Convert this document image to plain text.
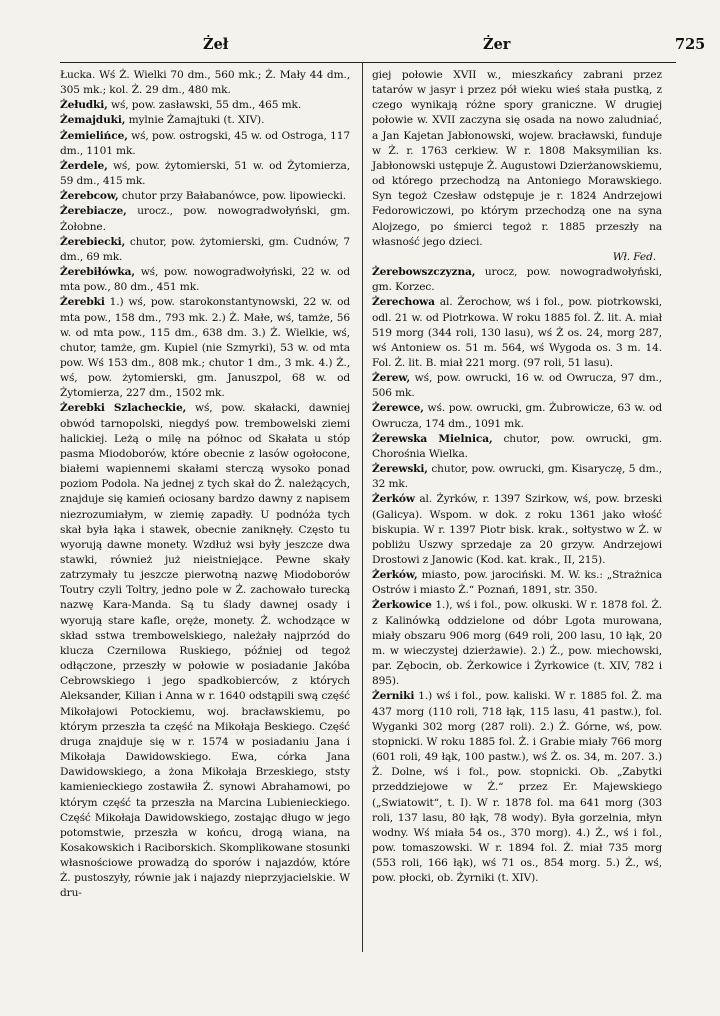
Żeł	Żer	725

Łucka. Wś Ż. Wielki 70 dm., 560 mk.; Ż. Mały 44 dm., 305 mk.; kol. Ż. 29 dm., 480 mk.

Żełudki, wś, pow. zasławski, 55 dm., 465 mk.

Żemajduki, mylnie Żamajtuki (t. XIV).

Żemielińce, wś, pow. ostrogski, 45 w. od Ostroga, 117 dm., 1101 mk.

Żerdele, wś, pow. żytomierski, 51 w. od Żytomierza, 59 dm., 415 mk.

Żerebcow, chutor przy Bałabanówce, pow. lipowiecki.

Żerebiacze, urocz., pow. nowogradwołyński, gm. Żołobne.

Żerebiecki, chutor, pow. żytomierski, gm. Cudnów, 7 dm., 69 mk.

Żerebiłówka, wś, pow. nowogradwołyński, 22 w. od mta pow., 80 dm., 451 mk.

Żerebki 1.) wś, pow. starokonstantynowski, 22 w. od mta pow., 158 dm., 793 mk. 2.) Ż. Małe, wś, tamże, 56 w. od mta pow., 115 dm., 638 dm. 3.) Ż. Wielkie, wś, chutor, tamże, gm. Kupiel (nie Szmyrki), 53 w. od mta pow. Wś 153 dm., 808 mk.; chutor 1 dm., 3 mk. 4.) Ż., wś, pow. żytomierski, gm. Januszpol, 68 w. od Żytomierza, 227 dm., 1502 mk.

Żerebki Szlacheckie, wś, pow. skałacki, dawniej obwód tarnopolski, niegdyś pow. trembowelski ziemi halickiej. Leżą o milę na północ od Skałata u stóp pasma Miodoborów, które obecnie z lasów ogołocone, białemi wapiennemi skałami sterczą wysoko ponad poziom Podola. Na jednej z tych skał do Ż. należących, znajduje się kamień ociosany bardzo dawny z napisem niezrozumiałym, w ziemię zapadły. U podnóża tych skał była łąka i stawek, obecnie zaniknęły. Często tu wyorują dawne monety. Wzdłuż wsi były jeszcze dwa stawki, również już nieistniejące. Pewne skały zatrzymały tu jeszcze pierwotną nazwę Miodoborów Toutry czyli Toltry, jedno pole w Ż. zachowało turecką nazwę Kara-Manda. Są tu ślady dawnej osady i wyorują stare kafle, oręże, monety. Ż. wchodzące w skład sstwa trembowelskiego, należały najprzód do klucza Czernilowa Ruskiego, później od tegoż odłączone, przeszły w połowie w posiadanie Jakóba Cebrowskiego i jego spadkobierców, z których Aleksander, Kilian i Anna w r. 1640 odstąpili swą część Mikołajowi Potockiemu, woj. bracławskiemu, po którym przeszła ta część na Mikołaja Beskiego. Część druga znajduje się w r. 1574 w posiadaniu Jana i Mikołaja Dawidowskiego. Ewa, córka Jana Dawidowskiego, a żona Mikołaja Brzeskiego, ststy kamienieckiego zostawiła Ż. synowi Abrahamowi, po którym część ta przeszła na Marcina Lubienieckiego. Część Mikołaja Dawidowskiego, zostając długo w jego potomstwie, przeszła w końcu, drogą wiana, na Kosakowskich i Raciborskich. Skomplikowane stosunki własnościowe prowadzą do sporów i najazdów, które Ż. pustoszyły, równie jak i najazdy nieprzyjacielskie. W dru-

giej połowie XVII w., mieszkańcy zabrani przez tatarów w jasyr i przez pół wieku wieś stała pustką, z czego wynikają różne spory graniczne. W drugiej połowie w. XVII zaczyna się osada na nowo zaludniać, a Jan Kajetan Jabłonowski, wojew. bracławski, funduje w Ż. r. 1763 cerkiew. W r. 1808 Maksymilian ks. Jabłonowski ustępuje Ż. Augustowi Dzierżanowskiemu, od którego przechodzą na Antoniego Morawskiego. Syn tegoż Czesław odstępuje je r. 1824 Andrzejowi Fedorowiczowi, po którym przechodzą one na syna Alojzego, po śmierci tegoż r. 1885 przeszły na własność jego dzieci.

Wł. Fed.

Żerebowszczyzna, urocz, pow. nowogradwołyński, gm. Korzec.

Żerechowa al. Żerochow, wś i fol., pow. piotrkowski, odl. 21 w. od Piotrkowa. W roku 1885 fol. Ż. lit. A. miał 519 morg (344 roli, 130 lasu), wś Ż os. 24, morg 287, wś Antoniew os. 51 m. 564, wś Wygoda os. 3 m. 14. Fol. Ż. lit. B. miał 221 morg. (97 roli, 51 lasu).

Żerew, wś, pow. owrucki, 16 w. od Owrucza, 97 dm., 506 mk.

Żerewce, wś. pow. owrucki, gm. Żubrowicze, 63 w. od Owrucza, 174 dm., 1091 mk.

Żerewska Mielnica, chutor, pow. owrucki, gm. Chorośnia Wielka.

Żerewski, chutor, pow. owrucki, gm. Kisaryczę, 5 dm., 32 mk.

Żerków al. Żyrków, r. 1397 Szirkow, wś, pow. brzeski (Galicya). Wspom. w dok. z roku 1361 jako włość biskupia. W r. 1397 Piotr bisk. krak., sołtystwo w Ż. w pobliżu Uszwy sprzedaje za 20 grzyw. Andrzejowi Drostowi z Janowic (Kod. kat. krak., II, 215).

Żerków, miasto, pow. jarociński. M. W. ks.: „Strażnica Ostrów i miasto Ż.“ Poznań, 1891, str. 350.

Żerkowice 1.), wś i fol., pow. olkuski. W r. 1878 fol. Ż. z Kalinówką oddzielone od dóbr Lgota murowana, miały obszaru 906 morg (649 roli, 200 lasu, 10 łąk, 20 m. w wieczystej dzierżawie). 2.) Ż., pow. miechowski, par. Zębocin, ob. Żerkowice i Żyrkowice (t. XIV, 782 i 895).

Żerniki 1.) wś i fol., pow. kaliski. W r. 1885 fol. Ż. ma 437 morg (110 roli, 718 łąk, 115 lasu, 41 pastw.), fol. Wyganki 302 morg (287 roli). 2.) Ż. Górne, wś, pow. stopnicki. W roku 1885 fol. Ż. i Grabie miały 766 morg (601 roli, 49 łąk, 100 pastw.), wś Ż. os. 34, m. 207. 3.) Ż. Dolne, wś i fol., pow. stopnicki. Ob. „Zabytki przeddziejowe w Ż.“ przez Er. Majewskiego („Swiatowit“, t. I). W r. 1878 fol. ma 641 morg (303 roli, 137 lasu, 80 łąk, 78 wody). Była gorzelnia, młyn wodny. Wś miała 54 os., 370 morg). 4.) Ż., wś i fol., pow. tomaszowski. W r. 1894 fol. Ż. miał 735 morg (553 roli, 166 łąk), wś 71 os., 854 morg. 5.) Ż., wś, pow. płocki, ob. Żyrniki (t. XIV).
